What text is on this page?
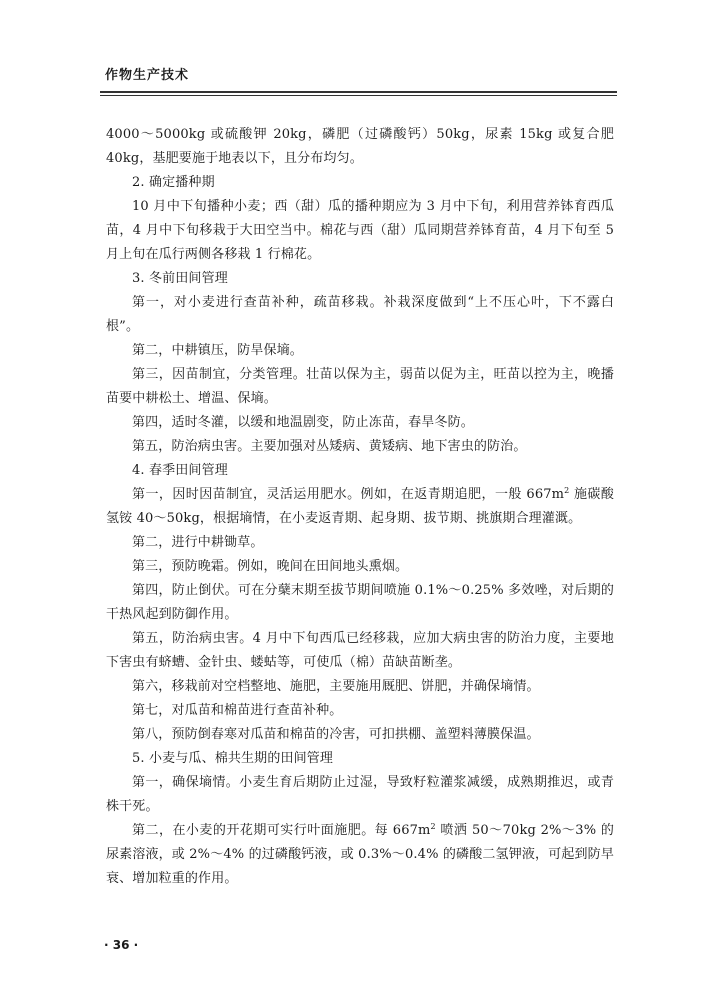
作物生产技术

4000～5000kg 或硫酸钾 20kg，磷肥（过磷酸钙）50kg，尿素 15kg 或复合肥 40kg，基肥要施于地表以下，且分布均匀。

2. 确定播种期

10 月中下旬播种小麦；西（甜）瓜的播种期应为 3 月中下旬，利用营养钵育西瓜苗，4 月中下旬移栽于大田空当中。棉花与西（甜）瓜同期营养钵育苗，4 月下旬至 5 月上旬在瓜行两侧各移栽 1 行棉花。

3. 冬前田间管理

第一，对小麦进行查苗补种，疏苗移栽。补栽深度做到“上不压心叶，下不露白根”。

第二，中耕镇压，防旱保墒。

第三，因苗制宜，分类管理。壮苗以保为主，弱苗以促为主，旺苗以控为主，晚播苗要中耕松土、增温、保墒。

第四，适时冬灌，以缓和地温剧变，防止冻苗，春旱冬防。

第五，防治病虫害。主要加强对丛矮病、黄矮病、地下害虫的防治。

4. 春季田间管理

第一，因时因苗制宜，灵活运用肥水。例如，在返青期追肥，一般 $667m^2$ 施碳酸氢铵 40～50kg，根据墒情，在小麦返青期、起身期、拔节期、挑旗期合理灌溉。

第二，进行中耕锄草。

第三，预防晚霜。例如，晚间在田间地头熏烟。

第四，防止倒伏。可在分蘖末期至拔节期间喷施 0.1%～0.25% 多效唑，对后期的干热风起到防御作用。

第五，防治病虫害。4 月中下旬西瓜已经移栽，应加大病虫害的防治力度，主要地下害虫有蛴螬、金针虫、蝼蛄等，可使瓜（棉）苗缺苗断垄。

第六，移栽前对空档整地、施肥，主要施用厩肥、饼肥，并确保墒情。

第七，对瓜苗和棉苗进行查苗补种。

第八，预防倒春寒对瓜苗和棉苗的冷害，可扣拱棚、盖塑料薄膜保温。

5. 小麦与瓜、棉共生期的田间管理

第一，确保墒情。小麦生育后期防止过湿，导致籽粒灌浆减缓，成熟期推迟，或青株干死。

第二，在小麦的开花期可实行叶面施肥。每 $667m^2$ 喷洒 50～70kg 2%～3% 的尿素溶液，或 2%～4% 的过磷酸钙液，或 0.3%～0.4% 的磷酸二氢钾液，可起到防早衰、增加粒重的作用。

· 36 ·
